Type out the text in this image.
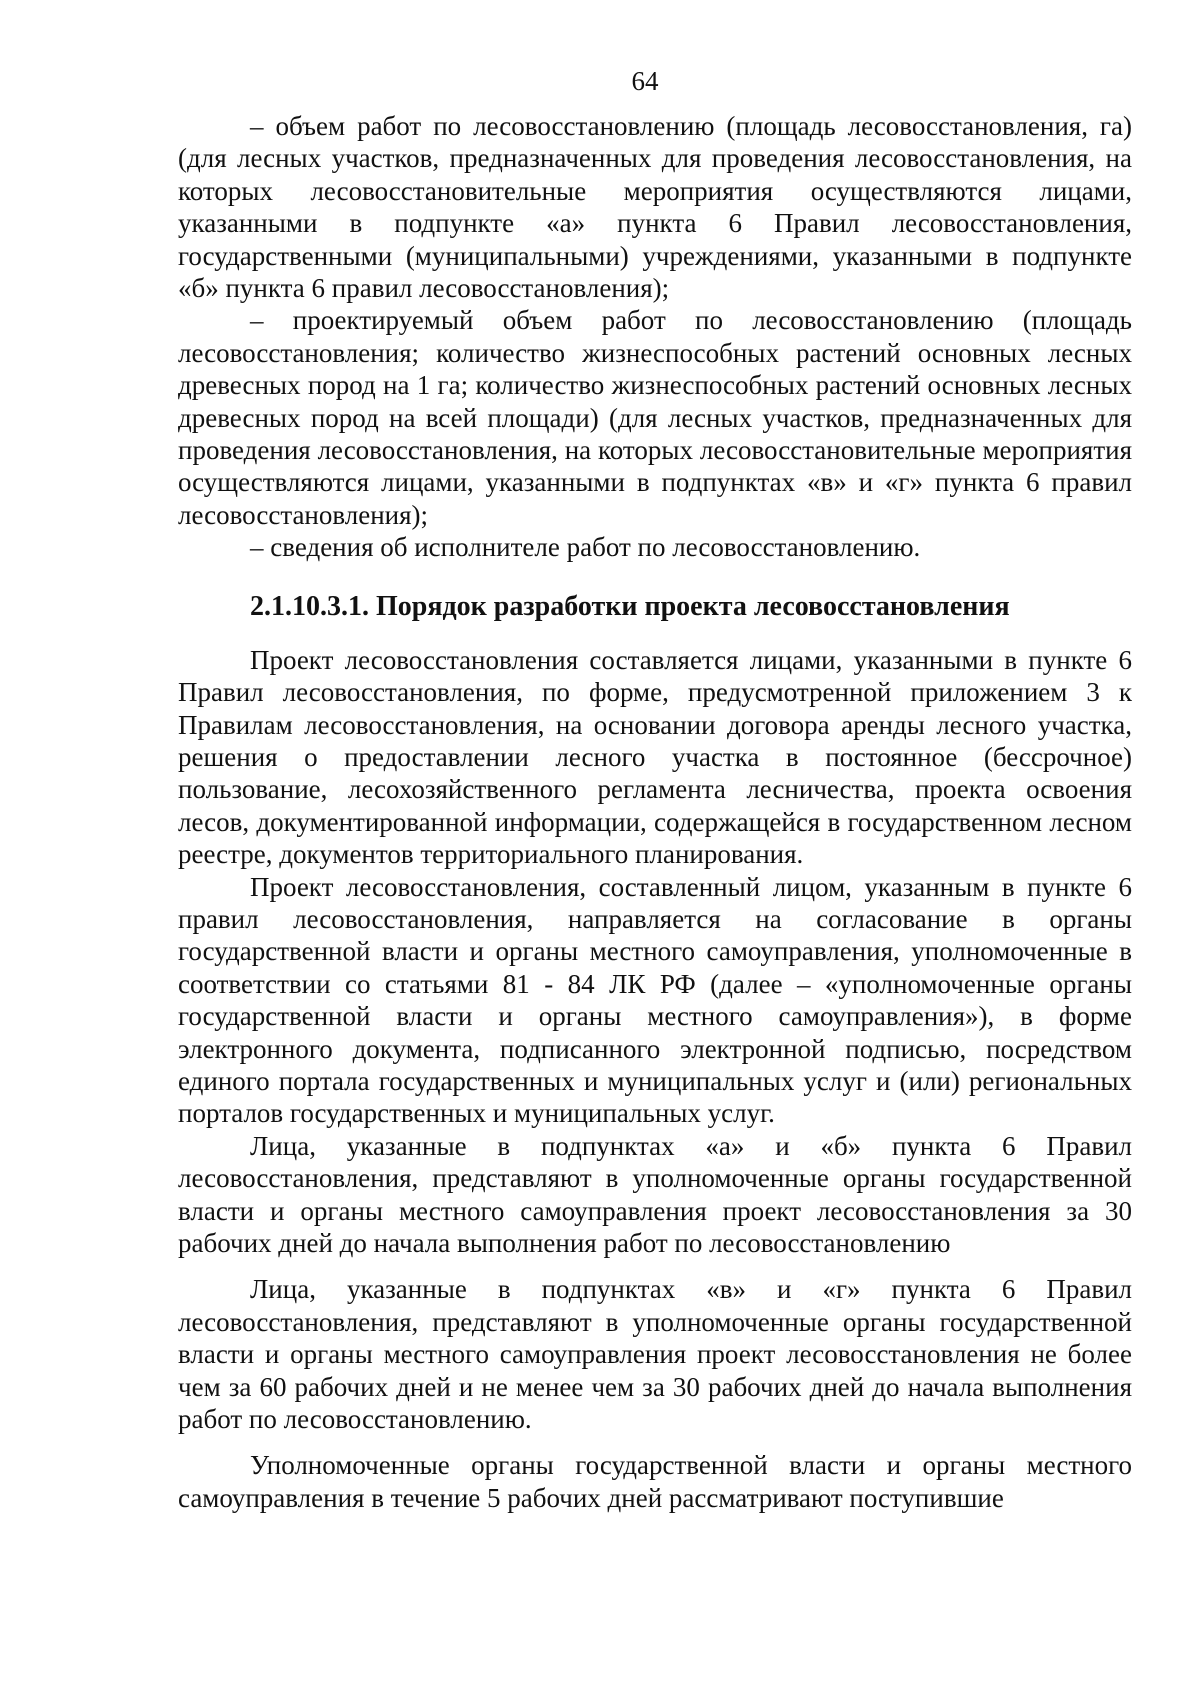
64

– объем работ по лесовосстановлению (площадь лесовосстановления, га) (для лесных участков, предназначенных для проведения лесовосстановления, на которых лесовосстановительные мероприятия осуществляются лицами, указанными в подпункте «а» пункта 6 Правил лесовосстановления, государственными (муниципальными) учреждениями, указанными в подпункте «б» пункта 6 правил лесовосстановления);

– проектируемый объем работ по лесовосстановлению (площадь лесовосстановления; количество жизнеспособных растений основных лесных древесных пород на 1 га; количество жизнеспособных растений основных лесных древесных пород на всей площади) (для лесных участков, предназначенных для проведения лесовосстановления, на которых лесовосстановительные мероприятия осуществляются лицами, указанными в подпунктах «в» и «г» пункта 6 правил лесовосстановления);

– сведения об исполнителе работ по лесовосстановлению.

2.1.10.3.1. Порядок разработки проекта лесовосстановления

Проект лесовосстановления составляется лицами, указанными в пункте 6 Правил лесовосстановления, по форме, предусмотренной приложением 3 к Правилам лесовосстановления, на основании договора аренды лесного участка, решения о предоставлении лесного участка в постоянное (бессрочное) пользование, лесохозяйственного регламента лесничества, проекта освоения лесов, документированной информации, содержащейся в государственном лесном реестре, документов территориального планирования.

Проект лесовосстановления, составленный лицом, указанным в пункте 6 правил лесовосстановления, направляется на согласование в органы государственной власти и органы местного самоуправления, уполномоченные в соответствии со статьями 81 - 84 ЛК РФ (далее – «уполномоченные органы государственной власти и органы местного самоуправления»), в форме электронного документа, подписанного электронной подписью, посредством единого портала государственных и муниципальных услуг и (или) региональных порталов государственных и муниципальных услуг.

Лица, указанные в подпунктах «а» и «б» пункта 6 Правил лесовосстановления, представляют в уполномоченные органы государственной власти и органы местного самоуправления проект лесовосстановления за 30 рабочих дней до начала выполнения работ по лесовосстановлению

Лица, указанные в подпунктах «в» и «г» пункта 6 Правил лесовосстановления, представляют в уполномоченные органы государственной власти и органы местного самоуправления проект лесовосстановления не более чем за 60 рабочих дней и не менее чем за 30 рабочих дней до начала выполнения работ по лесовосстановлению.

Уполномоченные органы государственной власти и органы местного самоуправления в течение 5 рабочих дней рассматривают поступившие
